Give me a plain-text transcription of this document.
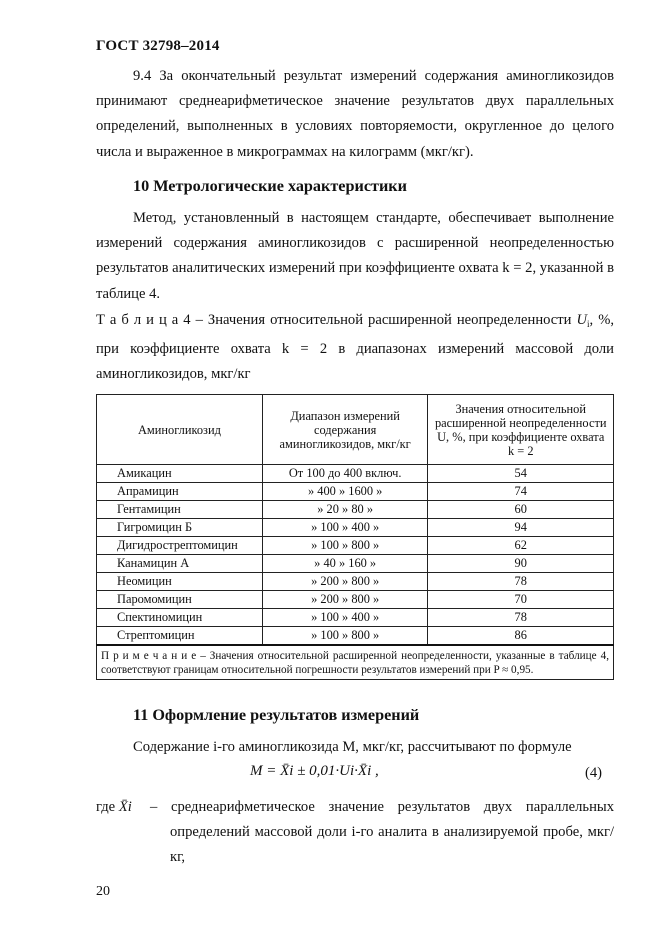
ГОСТ 32798–2014
9.4 За окончательный результат измерений содержания аминогликозидов принимают среднеарифметическое значение результатов двух параллельных определений, выполненных в условиях повторяемости, округленное до целого числа и выраженное в микрограммах на килограмм (мкг/кг).
10 Метрологические характеристики
Метод, установленный в настоящем стандарте, обеспечивает выполнение измерений содержания аминогликозидов с расширенной неопределенностью результатов аналитических измерений при коэффициенте охвата k = 2, указанной в таблице 4.
Т а б л и ц а 4 – Значения относительной расширенной неопределенности $U_i$, %, при коэффициенте охвата k = 2 в диапазонах измерений массовой доли аминогликозидов, мкг/кг
Аминогликозид	Диапазон измерений содержания аминогликозидов, мкг/кг	Значения относительной расширенной неопределенности U, %, при коэффициенте охвата k = 2
Амикацин	От 100 до 400 включ.	54
Апрамицин	» 400 » 1600 »	74
Гентамицин	» 20 » 80 »	60
Гигромицин Б	» 100 » 400 »	94
Дигидрострептомицин	» 100 » 800 »	62
Канамицин А	» 40 » 160 »	90
Неомицин	» 200 » 800 »	78
Паромомицин	» 200 » 800 »	70
Спектиномицин	» 100 » 400 »	78
Стрептомицин	» 100 » 800 »	86
П р и м е ч а н и е – Значения относительной расширенной неопределенности, указанные в таблице 4, соответствуют границам относительной погрешности результатов измерений при P ≈ 0,95.		
11 Оформление результатов измерений
Содержание i-го аминогликозида M, мкг/кг, рассчитывают по формуле
M = X̄i ± 0,01·Ui·X̄i ,	(4)
где X̄i	– среднеарифметическое значение результатов двух параллельных определений массовой доли i-го аналита в анализируемой пробе, мкг/кг,
20
